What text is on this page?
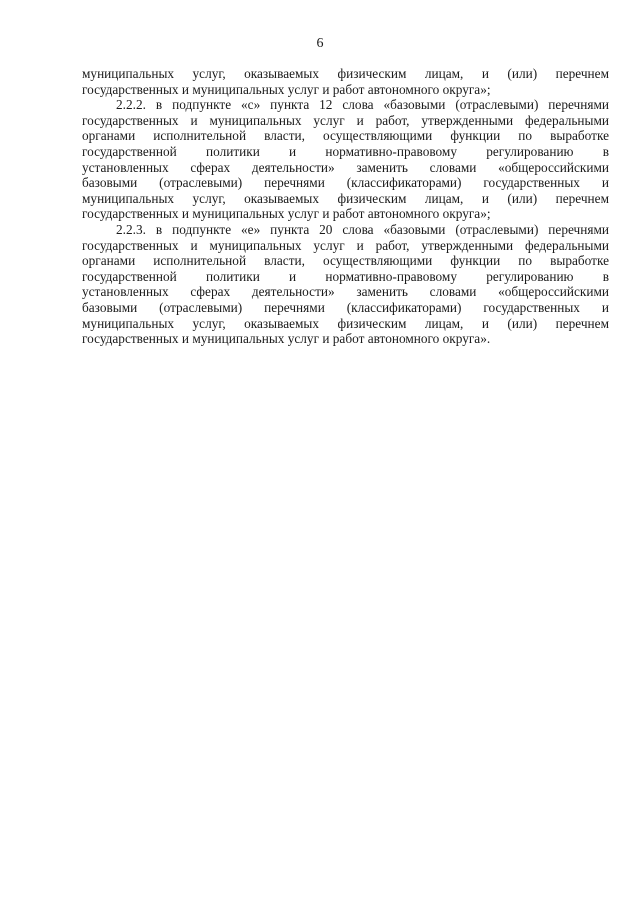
6
муниципальных услуг, оказываемых физическим лицам, и (или) перечнем
государственных и муниципальных услуг и работ автономного округа»;
2.2.2. в подпункте «с» пункта 12 слова «базовыми (отраслевыми) перечнями
государственных и муниципальных услуг и работ, утвержденными федеральными
органами исполнительной власти, осуществляющими функции по выработке
государственной политики и нормативно-правовому регулированию в
установленных сферах деятельности» заменить словами «общероссийскими
базовыми (отраслевыми) перечнями (классификаторами) государственных и
муниципальных услуг, оказываемых физическим лицам, и (или) перечнем
государственных и муниципальных услуг и работ автономного округа»;
2.2.3. в подпункте «е» пункта 20 слова «базовыми (отраслевыми) перечнями
государственных и муниципальных услуг и работ, утвержденными федеральными
органами исполнительной власти, осуществляющими функции по выработке
государственной политики и нормативно-правовому регулированию в
установленных сферах деятельности» заменить словами «общероссийскими
базовыми (отраслевыми) перечнями (классификаторами) государственных и
муниципальных услуг, оказываемых физическим лицам, и (или) перечнем
государственных и муниципальных услуг и работ автономного округа».
